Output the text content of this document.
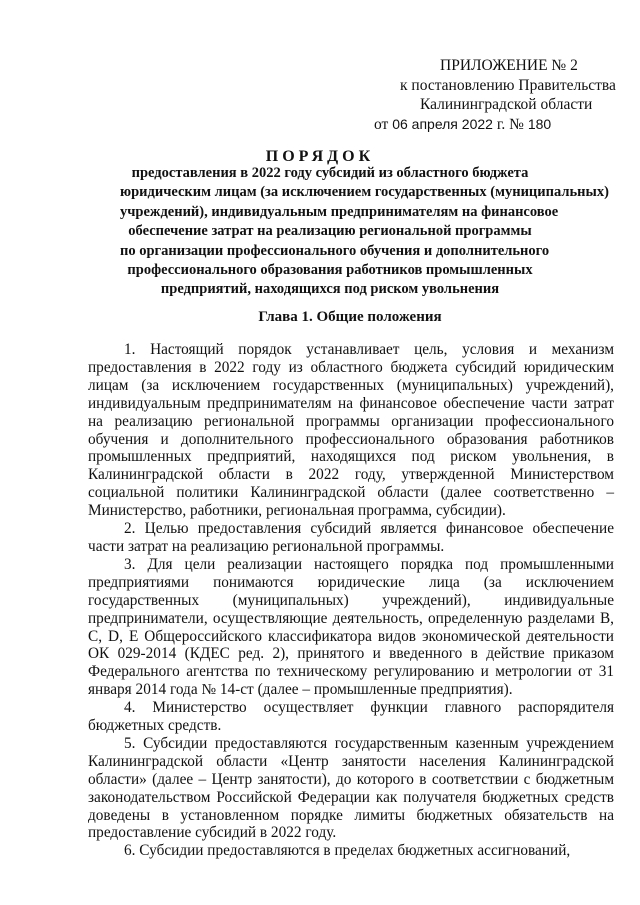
ПРИЛОЖЕНИЕ № 2
к постановлению Правительства
Калининградской области
от 06 апреля 2022 г. № 180
ПОРЯДОК
предоставления в 2022 году субсидий из областного бюджета
юридическим лицам (за исключением государственных (муниципальных)
учреждений), индивидуальным предпринимателям на финансовое
обеспечение затрат на реализацию региональной программы
по организации профессионального обучения и дополнительного
профессионального образования работников промышленных
предприятий, находящихся под риском увольнения
Глава 1. Общие положения

1. Настоящий порядок устанавливает цель, условия и механизм предоставления в 2022 году из областного бюджета субсидий юридическим лицам (за исключением государственных (муниципальных) учреждений), индивидуальным предпринимателям на финансовое обеспечение части затрат на реализацию региональной программы организации профессионального обучения и дополнительного профессионального образования работников промышленных предприятий, находящихся под риском увольнения, в Калининградской области в 2022 году, утвержденной Министерством социальной политики Калининградской области (далее соответственно – Министерство, работники, региональная программа, субсидии).

2. Целью предоставления субсидий является финансовое обеспечение части затрат на реализацию региональной программы.

3. Для цели реализации настоящего порядка под промышленными предприятиями понимаются юридические лица (за исключением государственных (муниципальных) учреждений), индивидуальные предприниматели, осуществляющие деятельность, определенную разделами B, C, D, E Общероссийского классификатора видов экономической деятельности ОК 029-2014 (КДЕС ред. 2), принятого и введенного в действие приказом Федерального агентства по техническому регулированию и метрологии от 31 января 2014 года № 14-ст (далее – промышленные предприятия).

4. Министерство осуществляет функции главного распорядителя бюджетных средств.

5. Субсидии предоставляются государственным казенным учреждением Калининградской области «Центр занятости населения Калининградской области» (далее – Центр занятости), до которого в соответствии с бюджетным законодательством Российской Федерации как получателя бюджетных средств доведены в установленном порядке лимиты бюджетных обязательств на предоставление субсидий в 2022 году.

6. Субсидии предоставляются в пределах бюджетных ассигнований,
